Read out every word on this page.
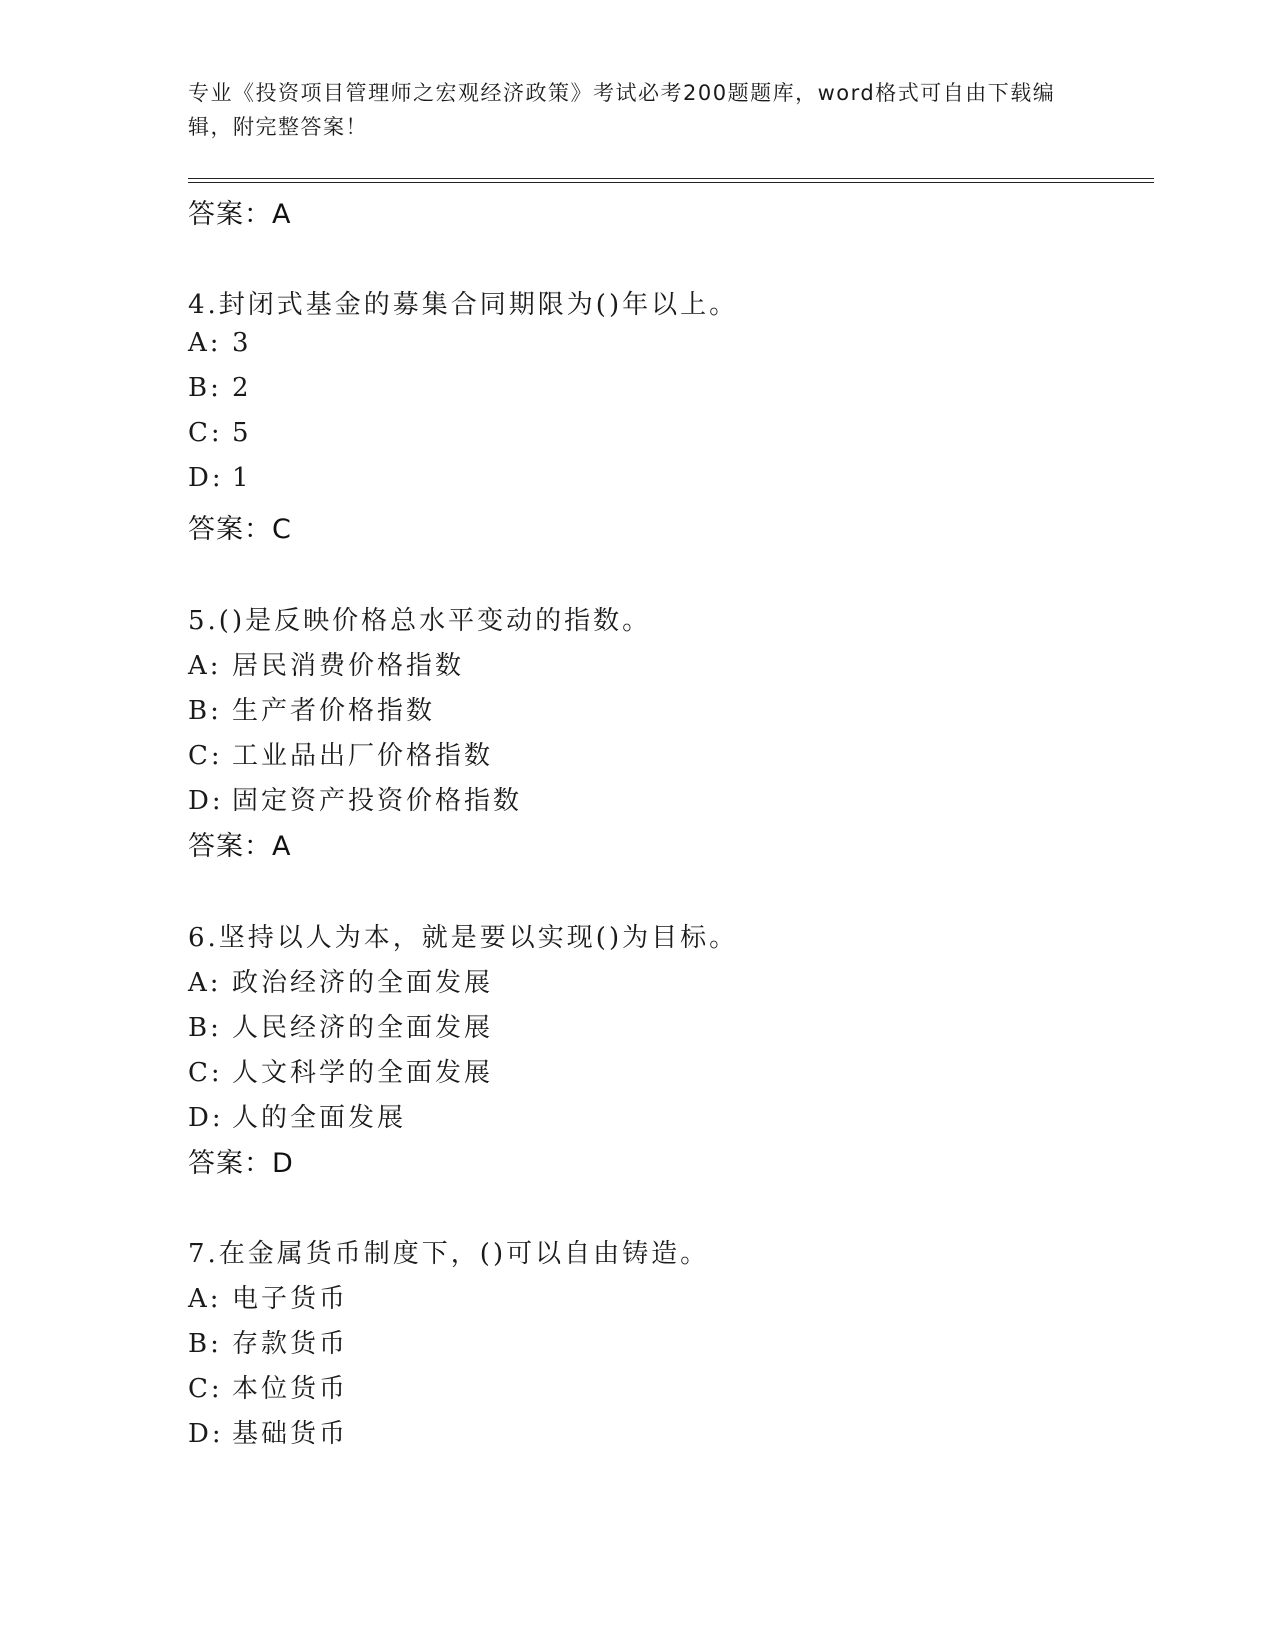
专业《投资项目管理师之宏观经济政策》考试必考200题题库，word格式可自由下载编辑，附完整答案！
答案：A
4.封闭式基金的募集合同期限为()年以上。
A: 3
B: 2
C: 5
D: 1
答案：C
5.()是反映价格总水平变动的指数。
A: 居民消费价格指数
B: 生产者价格指数
C: 工业品出厂价格指数
D: 固定资产投资价格指数
答案：A
6.坚持以人为本，就是要以实现()为目标。
A: 政治经济的全面发展
B: 人民经济的全面发展
C: 人文科学的全面发展
D: 人的全面发展
答案：D
7.在金属货币制度下，()可以自由铸造。
A: 电子货币
B: 存款货币
C: 本位货币
D: 基础货币
